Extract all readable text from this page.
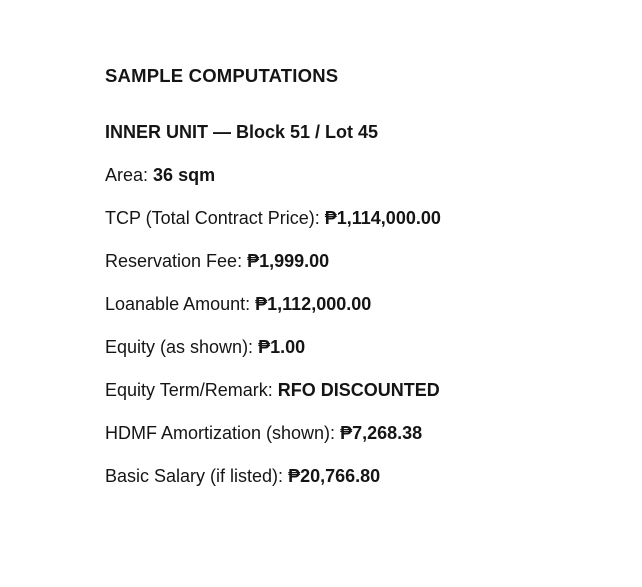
SAMPLE COMPUTATIONS
INNER UNIT — Block 51 / Lot 45
Area: 36 sqm
TCP (Total Contract Price): ₱1,114,000.00
Reservation Fee: ₱1,999.00
Loanable Amount: ₱1,112,000.00
Equity (as shown): ₱1.00
Equity Term/Remark: RFO DISCOUNTED
HDMF Amortization (shown): ₱7,268.38
Basic Salary (if listed): ₱20,766.80
